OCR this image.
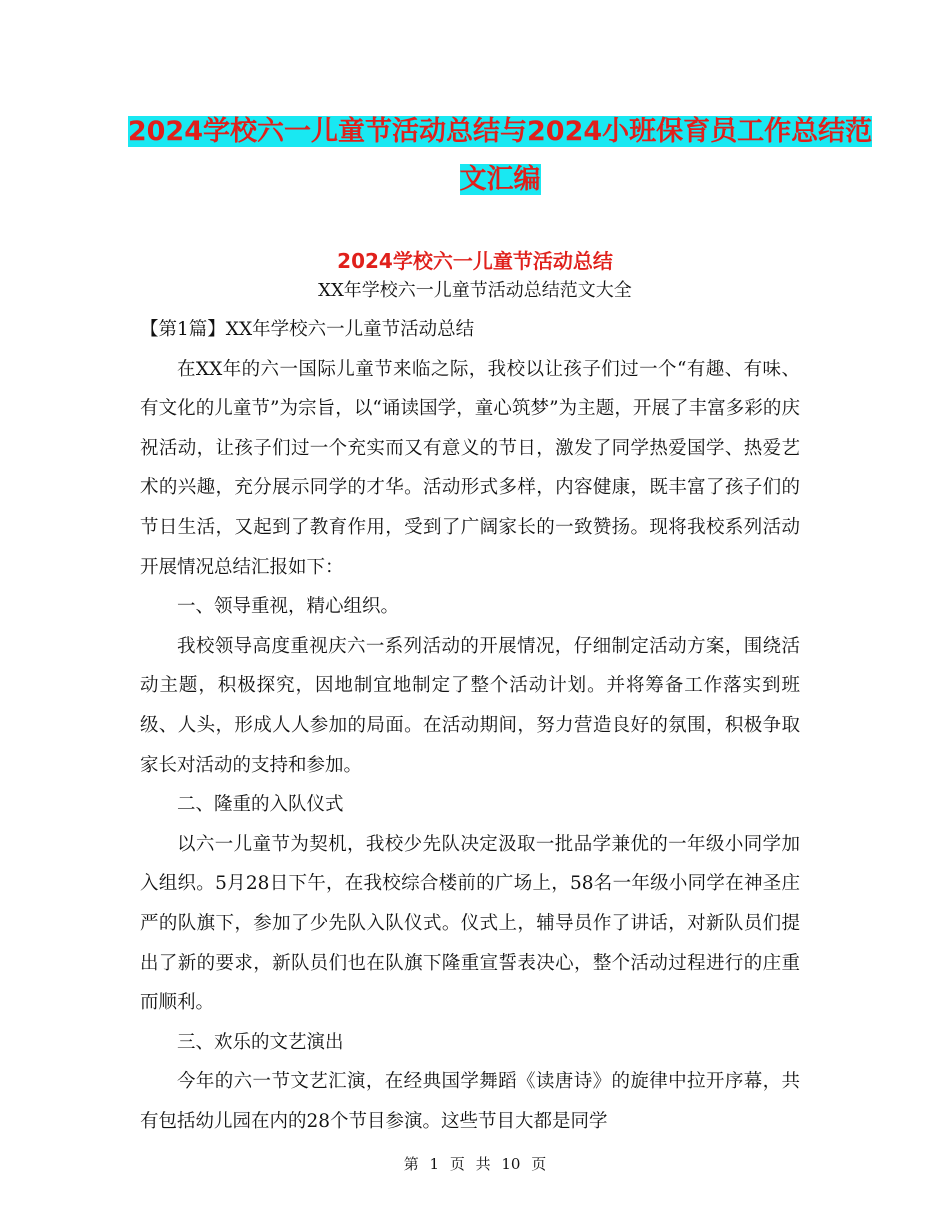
2024学校六一儿童节活动总结与2024小班保育员工作总结范文汇编
2024学校六一儿童节活动总结
XX年学校六一儿童节活动总结范文大全

【第1篇】XX年学校六一儿童节活动总结

在XX年的六一国际儿童节来临之际，我校以让孩子们过一个“有趣、有味、有文化的儿童节”为宗旨，以“诵读国学，童心筑梦”为主题，开展了丰富多彩的庆祝活动，让孩子们过一个充实而又有意义的节日，激发了同学热爱国学、热爱艺术的兴趣，充分展示同学的才华。活动形式多样，内容健康，既丰富了孩子们的节日生活，又起到了教育作用，受到了广阔家长的一致赞扬。现将我校系列活动开展情况总结汇报如下：

一、领导重视，精心组织。

我校领导高度重视庆六一系列活动的开展情况，仔细制定活动方案，围绕活动主题，积极探究，因地制宜地制定了整个活动计划。并将筹备工作落实到班级、人头，形成人人参加的局面。在活动期间，努力营造良好的氛围，积极争取家长对活动的支持和参加。

二、隆重的入队仪式

以六一儿童节为契机，我校少先队决定汲取一批品学兼优的一年级小同学加入组织。5月28日下午，在我校综合楼前的广场上，58名一年级小同学在神圣庄严的队旗下，参加了少先队入队仪式。仪式上，辅导员作了讲话，对新队员们提出了新的要求，新队员们也在队旗下隆重宣誓表决心，整个活动过程进行的庄重而顺利。

三、欢乐的文艺演出

今年的六一节文艺汇演，在经典国学舞蹈《读唐诗》的旋律中拉开序幕，共有包括幼儿园在内的28个节目参演。这些节目大都是同学

第 1 页 共 10 页
